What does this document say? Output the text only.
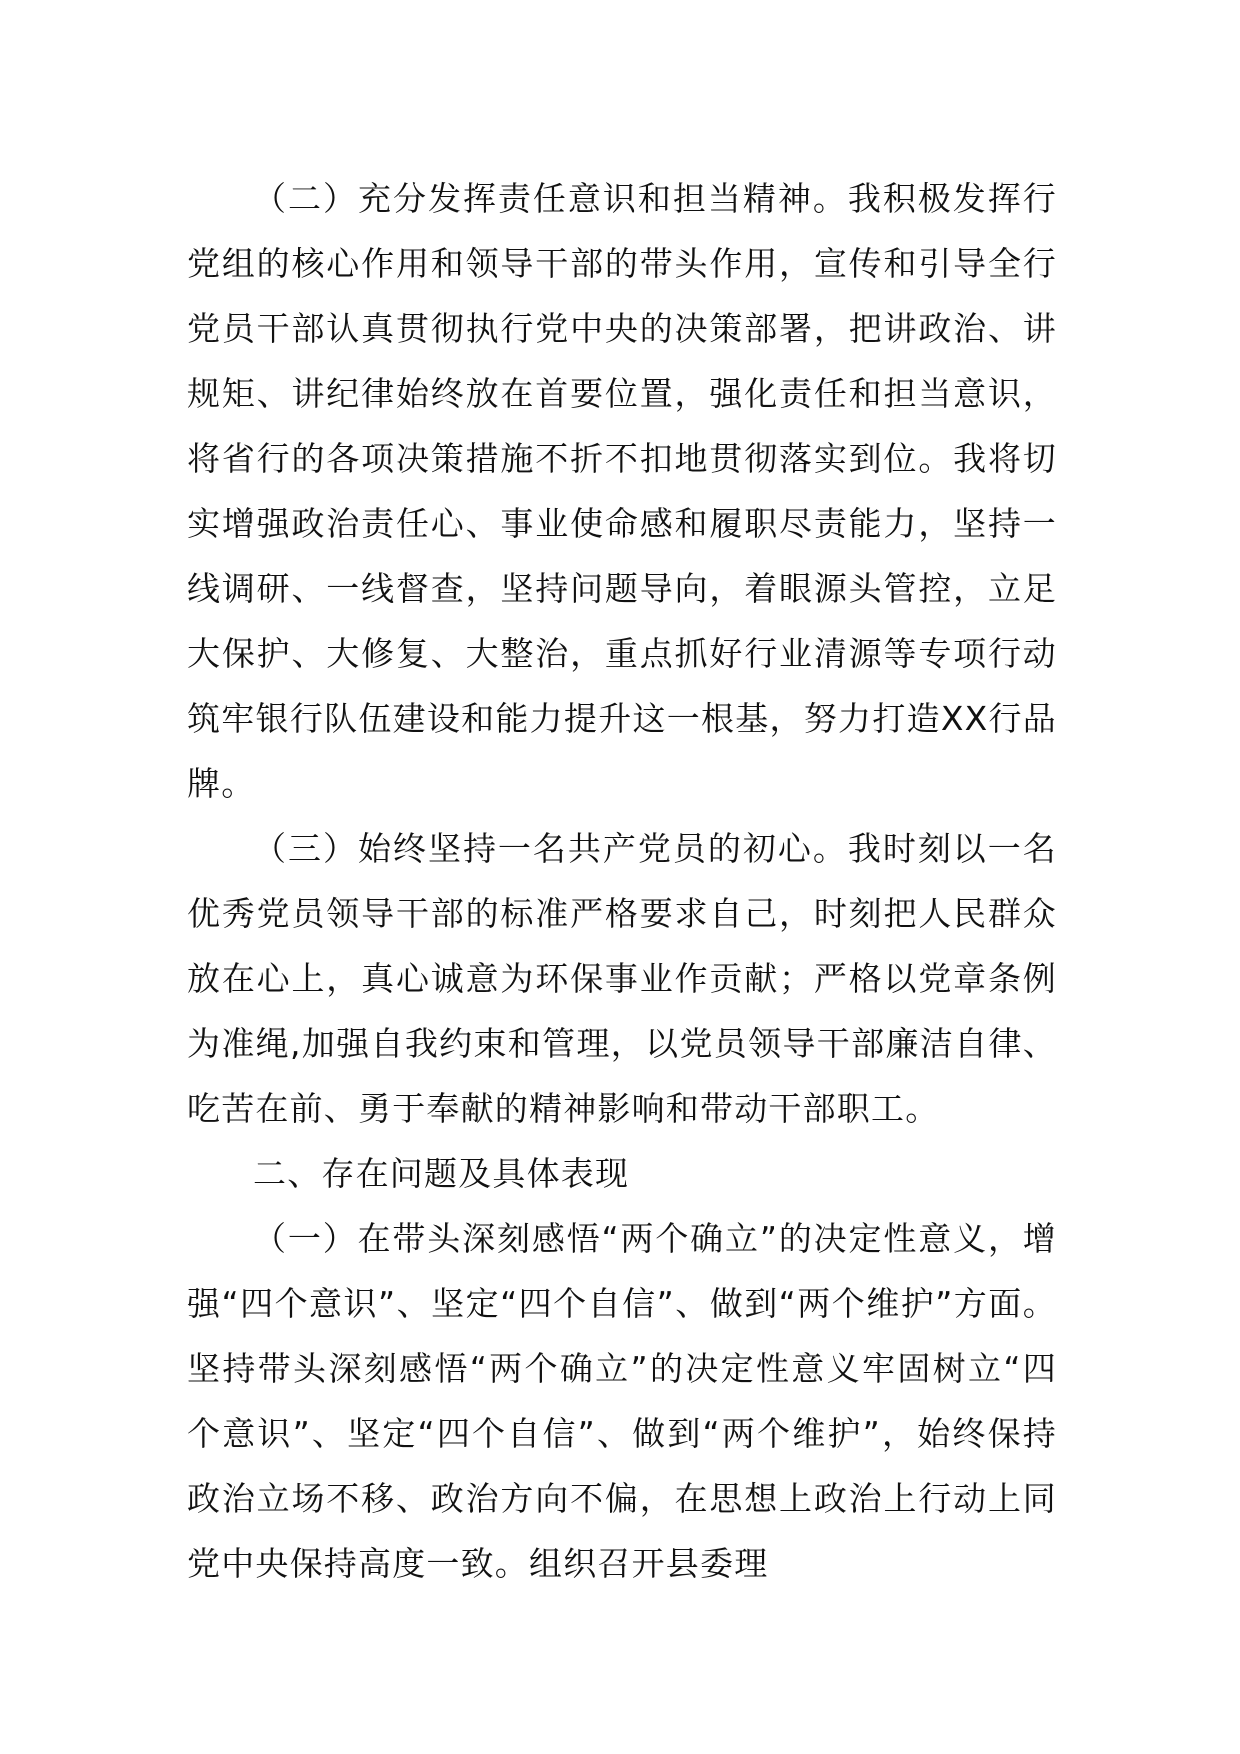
（二）充分发挥责任意识和担当精神。我积极发挥行党组的核心作用和领导干部的带头作用，宣传和引导全行党员干部认真贯彻执行党中央的决策部署，把讲政治、讲规矩、讲纪律始终放在首要位置，强化责任和担当意识，将省行的各项决策措施不折不扣地贯彻落实到位。我将切实增强政治责任心、事业使命感和履职尽责能力，坚持一线调研、一线督查，坚持问题导向，着眼源头管控，立足大保护、大修复、大整治，重点抓好行业清源等专项行动筑牢银行队伍建设和能力提升这一根基，努力打造XX行品牌。

（三）始终坚持一名共产党员的初心。我时刻以一名优秀党员领导干部的标准严格要求自己，时刻把人民群众放在心上，真心诚意为环保事业作贡献；严格以党章条例为准绳,加强自我约束和管理，以党员领导干部廉洁自律、吃苦在前、勇于奉献的精神影响和带动干部职工。

二、存在问题及具体表现

（一）在带头深刻感悟“两个确立”的决定性意义，增强“四个意识”、坚定“四个自信”、做到“两个维护”方面。坚持带头深刻感悟“两个确立”的决定性意义牢固树立“四个意识”、坚定“四个自信”、做到“两个维护”，始终保持政治立场不移、政治方向不偏，在思想上政治上行动上同党中央保持高度一致。组织召开县委理
